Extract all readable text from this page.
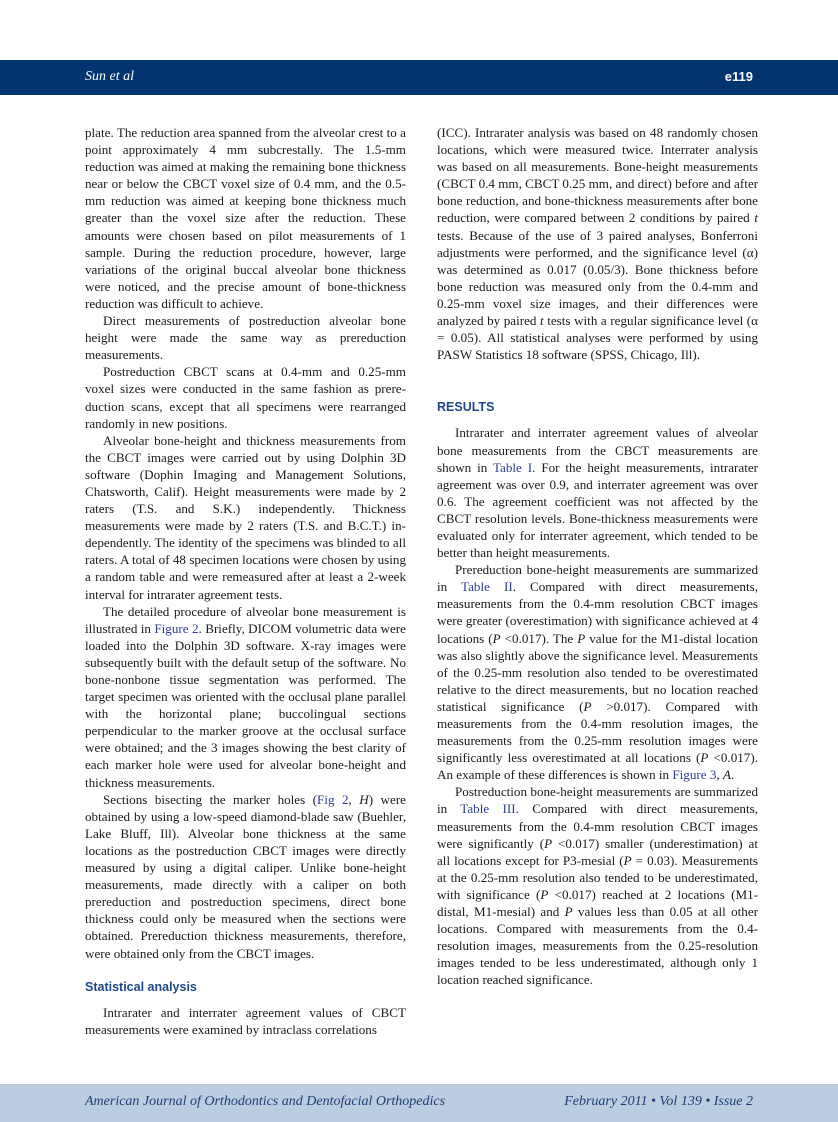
Sun et al	e119

plate. The reduction area spanned from the alveolar crest to a point approximately 4 mm subcrestally. The 1.5-mm reduction was aimed at making the remaining bone thickness near or below the CBCT voxel size of 0.4 mm, and the 0.5-mm reduction was aimed at keeping bone thickness much greater than the voxel size after the reduction. These amounts were chosen based on pilot measurements of 1 sample. During the reduction procedure, however, large variations of the original buccal alveolar bone thickness were noticed, and the precise amount of bone-thickness reduction was difficult to achieve.

Direct measurements of postreduction alveolar bone height were made the same way as prereduction measurements.

Postreduction CBCT scans at 0.4-mm and 0.25-mm voxel sizes were conducted in the same fashion as prereduction scans, except that all specimens were rearranged randomly in new positions.

Alveolar bone-height and thickness measurements from the CBCT images were carried out by using Dolphin 3D software (Dophin Imaging and Management Solutions, Chatsworth, Calif). Height measurements were made by 2 raters (T.S. and S.K.) independently. Thickness measurements were made by 2 raters (T.S. and B.C.T.) independently. The identity of the specimens was blinded to all raters. A total of 48 specimen locations were chosen by using a random table and were remeasured after at least a 2-week interval for intrarater agreement tests.

The detailed procedure of alveolar bone measurement is illustrated in Figure 2. Briefly, DICOM volumetric data were loaded into the Dolphin 3D software. X-ray images were subsequently built with the default setup of the software. No bone-nonbone tissue segmentation was performed. The target specimen was oriented with the occlusal plane parallel with the horizontal plane; buccolingual sections perpendicular to the marker groove at the occlusal surface were obtained; and the 3 images showing the best clarity of each marker hole were used for alveolar bone-height and thickness measurements.

Sections bisecting the marker holes (Fig 2, H) were obtained by using a low-speed diamond-blade saw (Buehler, Lake Bluff, Ill). Alveolar bone thickness at the same locations as the postreduction CBCT images were directly measured by using a digital caliper. Unlike bone-height measurements, made directly with a caliper on both prereduction and postreduction specimens, direct bone thickness could only be measured when the sections were obtained. Prereduction thickness measurements, therefore, were obtained only from the CBCT images.

Statistical analysis

Intrarater and interrater agreement values of CBCT measurements were examined by intraclass correlations

(ICC). Intrarater analysis was based on 48 randomly chosen locations, which were measured twice. Interrater analysis was based on all measurements. Bone-height measurements (CBCT 0.4 mm, CBCT 0.25 mm, and direct) before and after bone reduction, and bone-thickness measurements after bone reduction, were compared between 2 conditions by paired t tests. Because of the use of 3 paired analyses, Bonferroni adjustments were performed, and the significance level (α) was determined as 0.017 (0.05/3). Bone thickness before bone reduction was measured only from the 0.4-mm and 0.25-mm voxel size images, and their differences were analyzed by paired t tests with a regular significance level (α = 0.05). All statistical analyses were performed by using PASW Statistics 18 software (SPSS, Chicago, Ill).

RESULTS

Intrarater and interrater agreement values of alveolar bone measurements from the CBCT measurements are shown in Table I. For the height measurements, intrarater agreement was over 0.9, and interrater agreement was over 0.6. The agreement coefficient was not affected by the CBCT resolution levels. Bone-thickness measurements were evaluated only for interrater agreement, which tended to be better than height measurements.

Prereduction bone-height measurements are summarized in Table II. Compared with direct measurements, measurements from the 0.4-mm resolution CBCT images were greater (overestimation) with significance achieved at 4 locations (P <0.017). The P value for the M1-distal location was also slightly above the significance level. Measurements of the 0.25-mm resolution also tended to be overestimated relative to the direct measurements, but no location reached statistical significance (P >0.017). Compared with measurements from the 0.4-mm resolution images, the measurements from the 0.25-mm resolution images were significantly less overestimated at all locations (P <0.017). An example of these differences is shown in Figure 3, A.

Postreduction bone-height measurements are summarized in Table III. Compared with direct measurements, measurements from the 0.4-mm resolution CBCT images were significantly (P <0.017) smaller (underestimation) at all locations except for P3-mesial (P = 0.03). Measurements at the 0.25-mm resolution also tended to be underestimated, with significance (P <0.017) reached at 2 locations (M1-distal, M1-mesial) and P values less than 0.05 at all other locations. Compared with measurements from the 0.4-resolution images, measurements from the 0.25-resolution images tended to be less underestimated, although only 1 location reached significance.

American Journal of Orthodontics and Dentofacial Orthopedics	February 2011 • Vol 139 • Issue 2
